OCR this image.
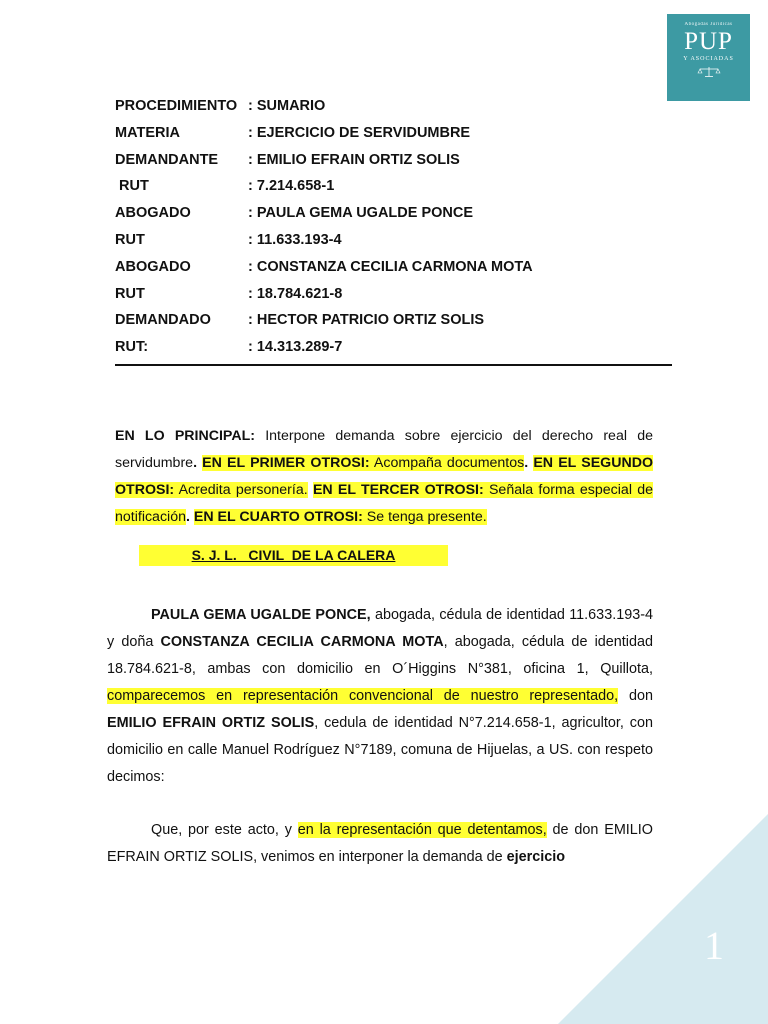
Abogadas Jurídicas
PUP
Y ASOCIADAS
PROCEDIMIENTO : SUMARIO
MATERIA	: EJERCICIO DE SERVIDUMBRE
DEMANDANTE : EMILIO EFRAIN ORTIZ SOLIS
RUT	: 7.214.658-1
ABOGADO	: PAULA GEMA UGALDE PONCE
RUT	: 11.633.193-4
ABOGADO	: CONSTANZA CECILIA CARMONA MOTA
RUT	: 18.784.621-8
DEMANDADO	: HECTOR PATRICIO ORTIZ SOLIS
RUT:	: 14.313.289-7
EN LO PRINCIPAL: Interpone demanda sobre ejercicio del derecho real de servidumbre. EN EL PRIMER OTROSI: Acompaña documentos. EN EL SEGUNDO OTROSI: Acredita personería. EN EL TERCER OTROSI: Señala forma especial de notificación. EN EL CUARTO OTROSI: Se tenga presente.
S. J. L.   CIVIL  DE LA CALERA
PAULA GEMA UGALDE PONCE, abogada, cédula de identidad 11.633.193-4 y doña CONSTANZA CECILIA CARMONA MOTA, abogada, cédula de identidad 18.784.621-8, ambas con domicilio en O´Higgins N°381, oficina 1, Quillota, comparecemos en representación convencional de nuestro representado, don EMILIO EFRAIN ORTIZ SOLIS, cedula de identidad N°7.214.658-1, agricultor, con domicilio en calle Manuel Rodríguez N°7189, comuna de Hijuelas, a US. con respeto decimos:
Que, por este acto, y en la representación que detentamos, de don EMILIO EFRAIN ORTIZ SOLIS, venimos en interponer la demanda de ejercicio
1
